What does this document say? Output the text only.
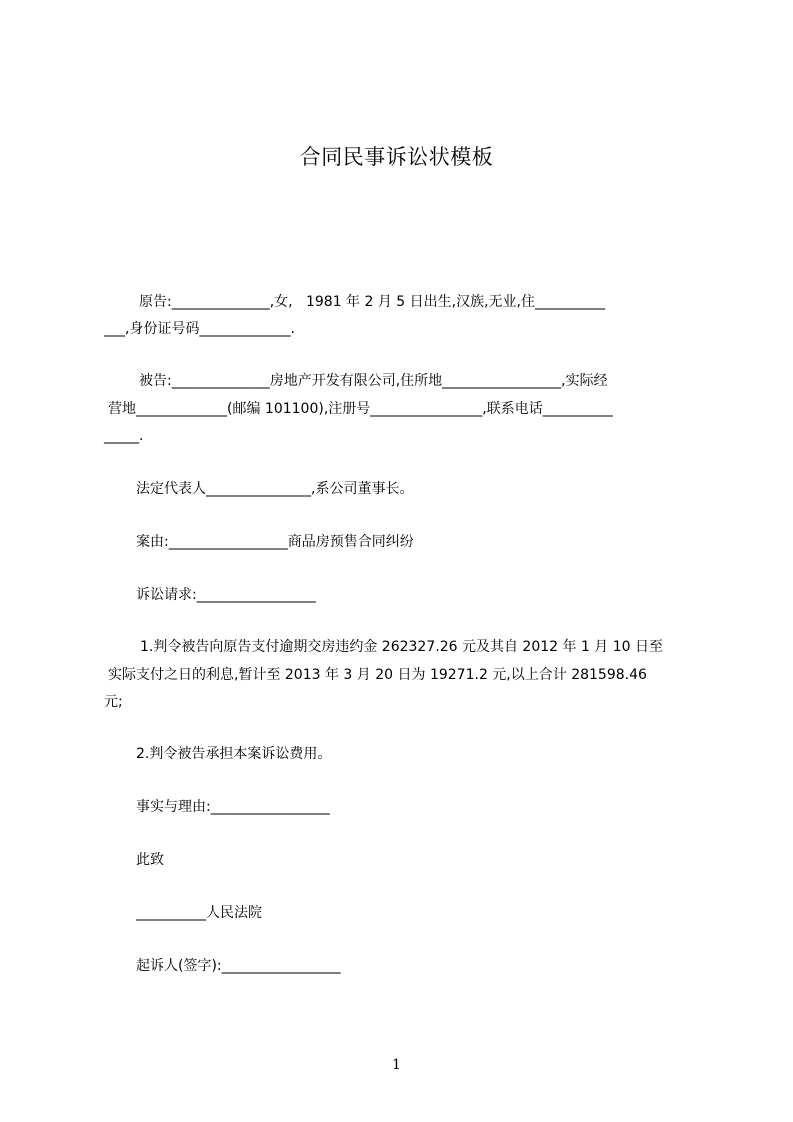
合同民事诉讼状模板
原告:______________,女,   1981 年 2 月 5 日出生,汉族,无业,住__________
___,身份证号码_____________.
被告:______________房地产开发有限公司,住所地_________________,实际经
营地_____________(邮编 101100),注册号________________,联系电话__________
_____.
法定代表人_______________,系公司董事长。
案由:_________________商品房预售合同纠纷
诉讼请求:_________________
1.判令被告向原告支付逾期交房违约金 262327.26 元及其自 2012 年 1 月 10 日至
实际支付之日的利息,暂计至 2013 年 3 月 20 日为 19271.2 元,以上合计 281598.46
元;
2.判令被告承担本案诉讼费用。
事实与理由:_________________
此致
__________人民法院
起诉人(签字):_________________
1
